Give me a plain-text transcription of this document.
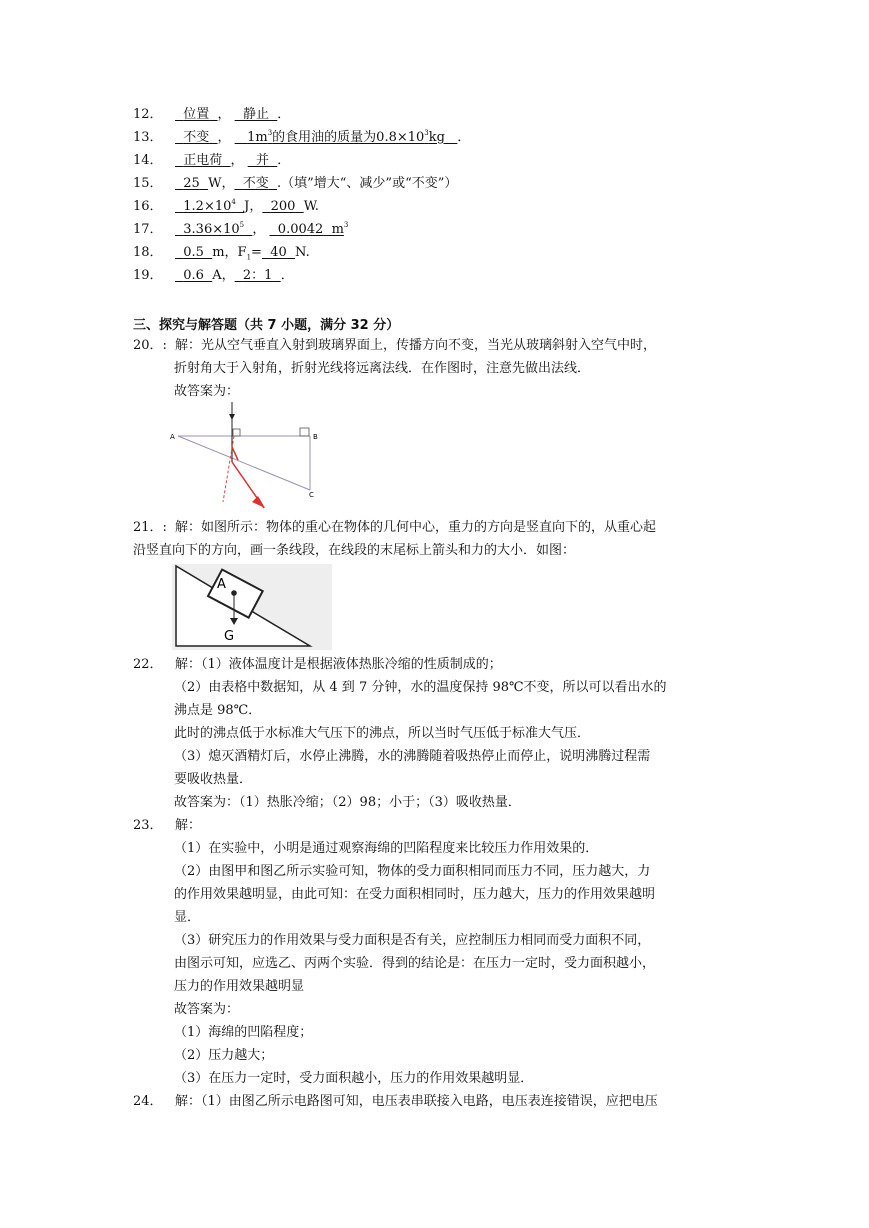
12． 位置 ，   静止 ．
13． 不变 ，    $1m^3$的食用油的质量为$0.8\times 10^3kg$ ．
14． 正电荷 ，   并 ．
15． 25 W， 不变 .（填”增大“、减少”或“不变”）
16． $1.2\times 10^4$ J， 200 W.
17． $3.36\times 10^5$ ，   0.0042 $m^3$
18． 0.5 m，$F_1= 40$ N.
19． 0.6 A， 2：1 ．
三、探究与解答题（共 7 小题，满分 32 分）
20．: 解：光从空气垂直入射到玻璃界面上，传播方向不变，当光从玻璃斜射入空气中时，
折射角大于入射角，折射光线将远离法线．在作图时，注意先做出法线．
故答案为：
A	B
C
21．: 解：如图所示：物体的重心在物体的几何中心，重力的方向是竖直向下的，从重心起
沿竖直向下的方向，画一条线段，在线段的末尾标上箭头和力的大小．如图：
A
G
22． 解：（1）液体温度计是根据液体热胀冷缩的性质制成的；
（2）由表格中数据知，从 4 到 7 分钟，水的温度保持 98℃不变，所以可以看出水的
沸点是 98℃．
此时的沸点低于水标准大气压下的沸点，所以当时气压低于标准大气压．
（3）熄灭酒精灯后，水停止沸腾，水的沸腾随着吸热停止而停止，说明沸腾过程需
要吸收热量．
故答案为：（1）热胀冷缩；（2）98；小于；（3）吸收热量．
23． 解：
（1）在实验中，小明是通过观察海绵的凹陷程度来比较压力作用效果的．
（2）由图甲和图乙所示实验可知，物体的受力面积相同而压力不同，压力越大，力
的作用效果越明显，由此可知：在受力面积相同时，压力越大，压力的作用效果越明
显．
（3）研究压力的作用效果与受力面积是否有关，应控制压力相同而受力面积不同，
由图示可知，应选乙、丙两个实验．得到的结论是：在压力一定时，受力面积越小，
压力的作用效果越明显
故答案为：
（1）海绵的凹陷程度；
（2）压力越大；
（3）在压力一定时，受力面积越小，压力的作用效果越明显．
24． 解：（1）由图乙所示电路图可知，电压表串联接入电路，电压表连接错误，应把电压
